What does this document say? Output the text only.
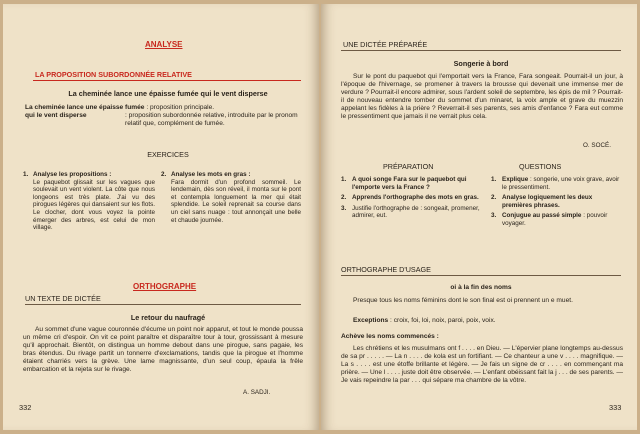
ANALYSE
LA PROPOSITION SUBORDONNÉE RELATIVE
La cheminée lance une épaisse fumée qui le vent disperse
La cheminée lance une épaisse fumée : proposition principale.
qui le vent disperse	: proposition subordonnée relative, introduite par le pronom relatif que, complément de fumée.
EXERCICES
1. Analyse les propositions :
Le paquebot glissait sur les vagues que soulevait un vent violent. La côte que nous longeons est très plate. J'ai vu des pirogues légères qui dansaient sur les flots. Le clocher, dont vous voyez la pointe émerger des arbres, est celui de mon village.
2. Analyse les mots en gras :
Fara dormit d'un profond sommeil. Le lendemain, dès son réveil, il monta sur le pont et contempla longuement la mer qui était splendide. Le soleil reprenait sa course dans un ciel sans nuage : tout annonçait une belle et chaude journée.
ORTHOGRAPHE
UN TEXTE DE DICTÉE
Le retour du naufragé
Au sommet d'une vague couronnée d'écume un point noir apparut, et tout le monde poussa un même cri d'espoir. On vit ce point paraître et disparaître tour à tour, grossissant à mesure qu'il approchait. Bientôt, on distingua un homme debout dans une pirogue, sans pagaie, les bras étendus. Du rivage partit un tonnerre d'exclamations, tandis que la pirogue et l'homme étaient charriés vers la grève. Une lame magnissante, d'un seul coup, épaula la frêle embarcation et la rejeta sur le rivage.
A. SADJI.
332
UNE DICTÉE PRÉPARÉE
Songerie à bord
Sur le pont du paquebot qui l'emportait vers la France, Fara songeait. Pourrait-il un jour, à l'époque de l'hivernage, se promener à travers la brousse qui devenait une immense mer de verdure ? Pourrait-il encore admirer, sous l'ardent soleil de septembre, les épis de mil ? Pourrait-il de nouveau entendre tomber du sommet d'un minaret, la voix ample et grave du muezzin appelant les fidèles à la prière ? Reverrait-il ses parents, ses amis d'enfance ? Fara eut comme le pressentiment que jamais il ne verrait plus cela.
O. SOCÉ.
PRÉPARATION	QUESTIONS
1. A quoi songe Fara sur le paquebot qui l'emporte vers la France ?
2. Apprends l'orthographe des mots en gras.
3. Justifie l'orthographe de : songeait, promener, admirer, eut.
1. Explique : songerie, une voix grave, avoir le pressentiment.
2. Analyse logiquement les deux premières phrases.
3. Conjugue au passé simple : pouvoir voyager.
ORTHOGRAPHE D'USAGE
oi à la fin des noms
Presque tous les noms féminins dont le son final est oi prennent un e muet.
Exceptions : croix, foi, loi, noix, paroi, poix, voix.
Achève les noms commencés :
Les chrétiens et les musulmans ont f . . . . en Dieu. — L'épervier plane longtemps au-dessus de sa pr . . . . . — La n . . . . de kola est un fortifiant. — Ce chanteur a une v . . . . magnifique. — La s . . . . est une étoffe brillante et légère. — Je fais un signe de cr . . . . en commençant ma prière. — Une l . . . . juste doit être observée. — L'enfant obéissant fait la j . . . de ses parents. — Je vais repeindre la par . . . qui sépare ma chambre de la vôtre.
333
